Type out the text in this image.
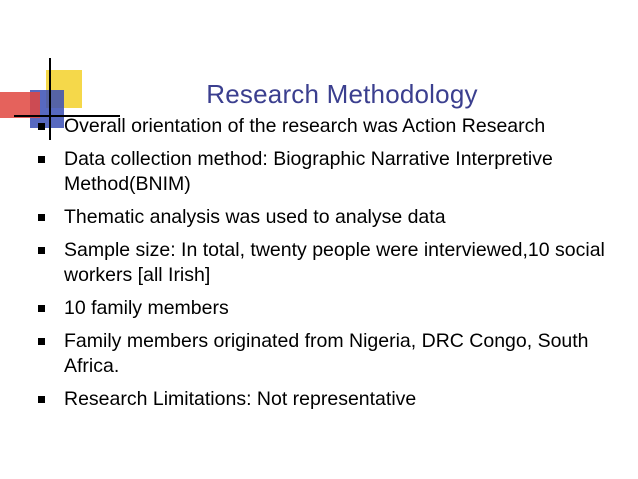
Research Methodology
Overall orientation of the research was Action Research
Data collection method: Biographic Narrative Interpretive Method(BNIM)
Thematic analysis was used to analyse data
Sample size: In total, twenty people were interviewed,10 social workers [all Irish]
10 family members
Family members originated from Nigeria, DRC Congo, South Africa.
Research Limitations: Not representative
